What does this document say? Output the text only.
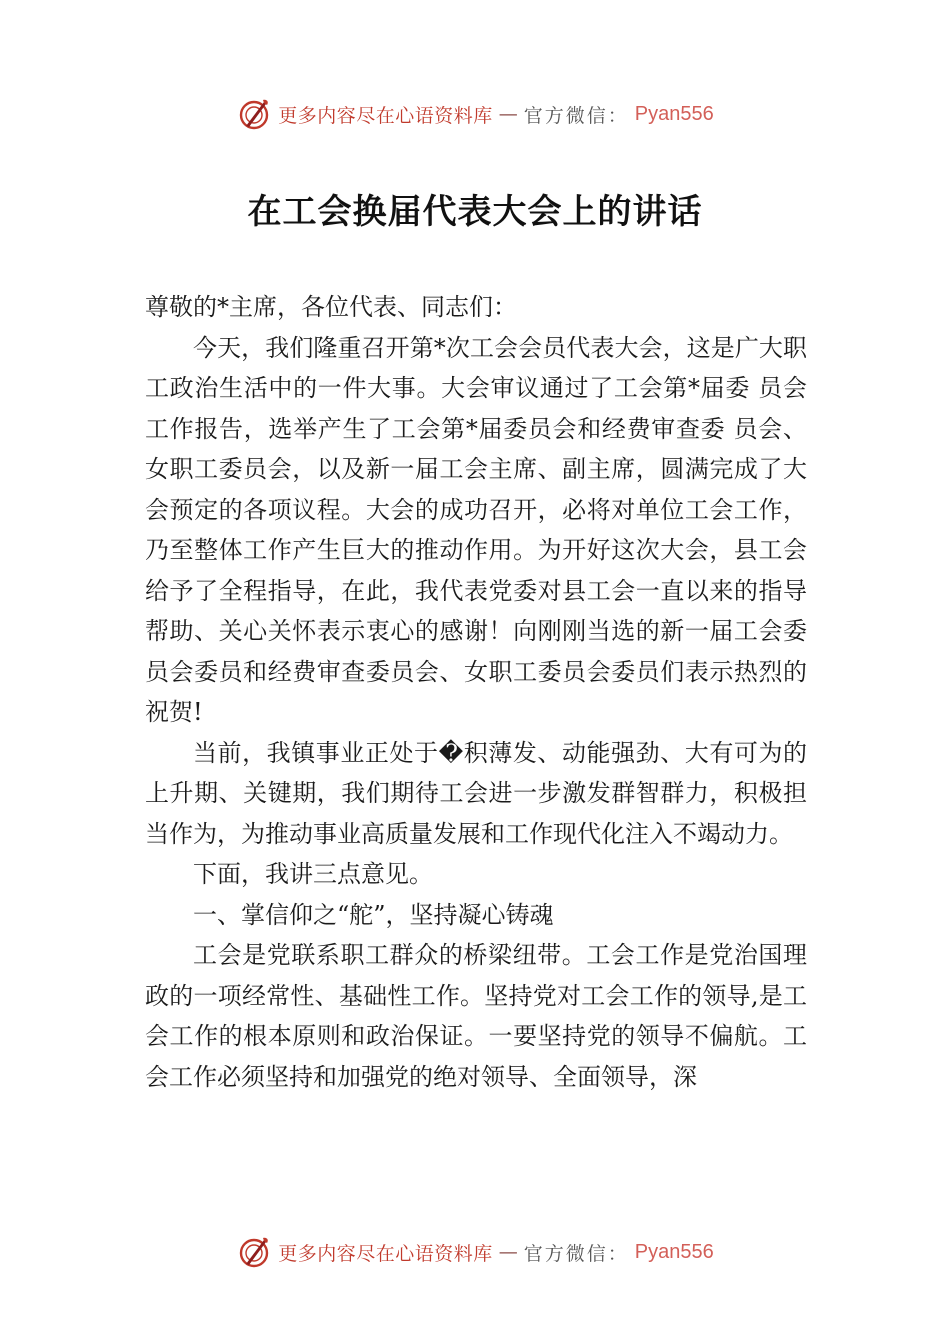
更多内容尽在心语资料库 — 官方微信： Pyan556
在工会换届代表大会上的讲话

尊敬的*主席，各位代表、同志们：

今天，我们隆重召开第*次工会会员代表大会，这是广大职工政治生活中的一件大事。大会审议通过了工会第*届委 员会工作报告，选举产生了工会第*届委员会和经费审查委 员会、女职工委员会，以及新一届工会主席、副主席，圆满完成了大会预定的各项议程。大会的成功召开，必将对单位工会工作，乃至整体工作产生巨大的推动作用。为开好这次大会，县工会给予了全程指导，在此，我代表党委对县工会一直以来的指导帮助、关心关怀表示衷心的感谢！向刚刚当选的新一届工会委员会委员和经费审查委员会、女职工委员会委员们表示热烈的祝贺!

当前，我镇事业正处于�积薄发、动能强劲、大有可为的上升期、关键期，我们期待工会进一步激发群智群力，积极担当作为，为推动事业高质量发展和工作现代化注入不竭动力。

下面，我讲三点意见。

一、掌信仰之“舵”，坚持凝心铸魂

工会是党联系职工群众的桥梁纽带。工会工作是党治国理政的一项经常性、基础性工作。坚持党对工会工作的领导,是工会工作的根本原则和政治保证。一要坚持党的领导不偏航。工会工作必须坚持和加强党的绝对领导、全面领导，深

更多内容尽在心语资料库 — 官方微信： Pyan556
